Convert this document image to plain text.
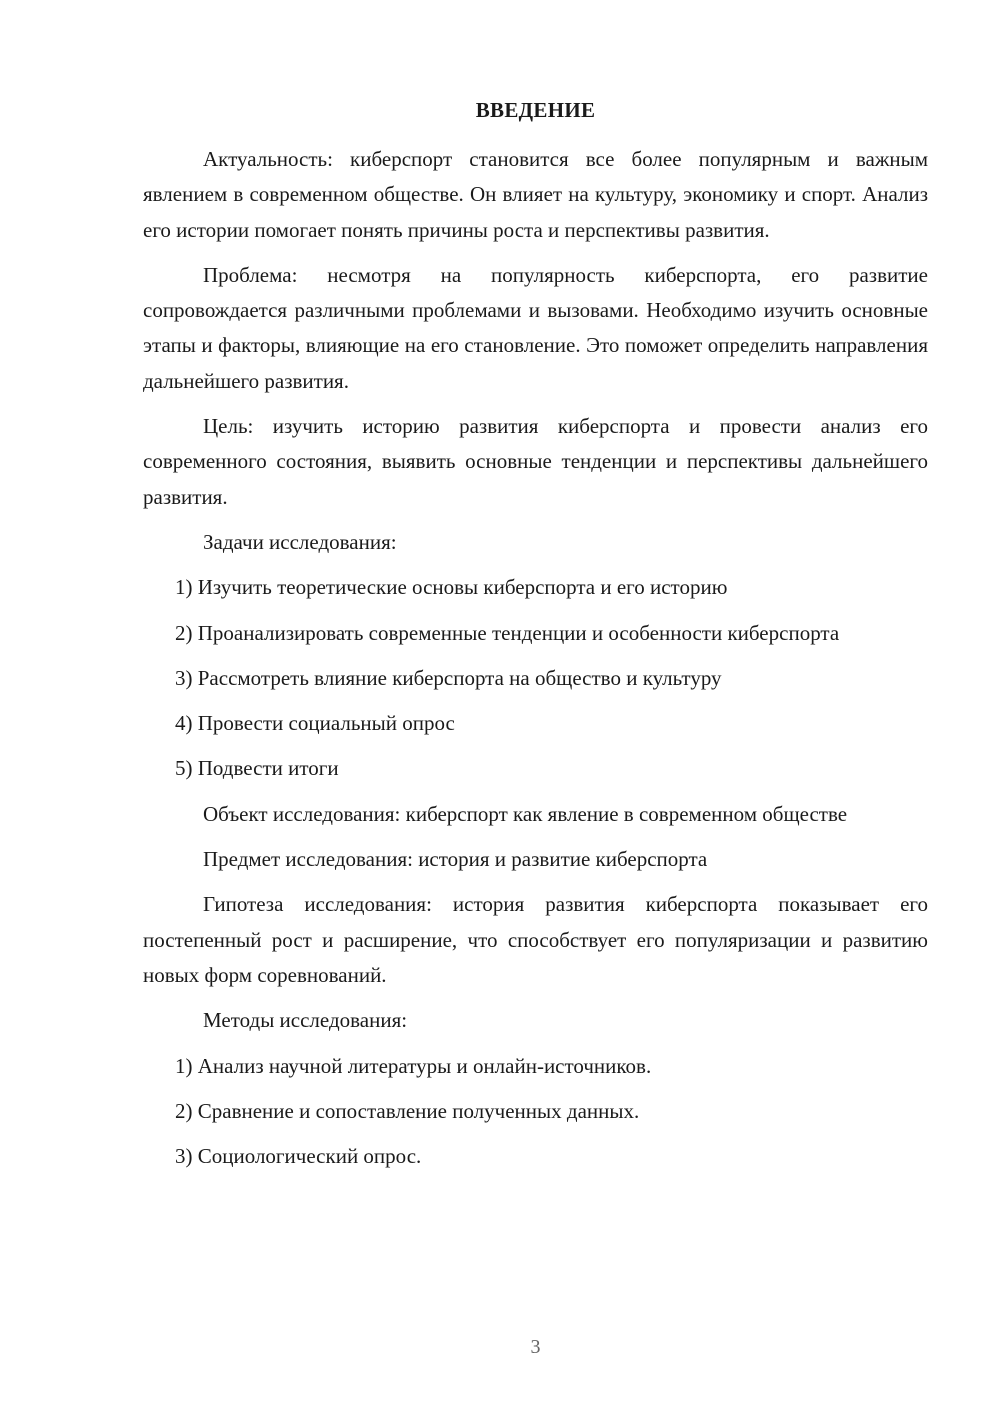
ВВЕДЕНИЕ

Актуальность: киберспорт становится все более популярным и важным явлением в современном обществе. Он влияет на культуру, экономику и спорт. Анализ его истории помогает понять причины роста и перспективы развития.

Проблема: несмотря на популярность киберспорта, его развитие сопровождается различными проблемами и вызовами. Необходимо изучить основные этапы и факторы, влияющие на его становление. Это поможет определить направления дальнейшего развития.

Цель: изучить историю развития киберспорта и провести анализ его современного состояния, выявить основные тенденции и перспективы дальнейшего развития.

Задачи исследования:

1) Изучить теоретические основы киберспорта и его историю

2) Проанализировать современные тенденции и особенности киберспорта

3) Рассмотреть влияние киберспорта на общество и культуру

4) Провести социальный опрос

5) Подвести итоги

Объект исследования: киберспорт как явление в современном обществе

Предмет исследования: история и развитие киберспорта

Гипотеза исследования: история развития киберспорта показывает его постепенный рост и расширение, что способствует его популяризации и развитию новых форм соревнований.

Методы исследования:

1) Анализ научной литературы и онлайн-источников.

2) Сравнение и сопоставление полученных данных.

3) Социологический опрос.

3
